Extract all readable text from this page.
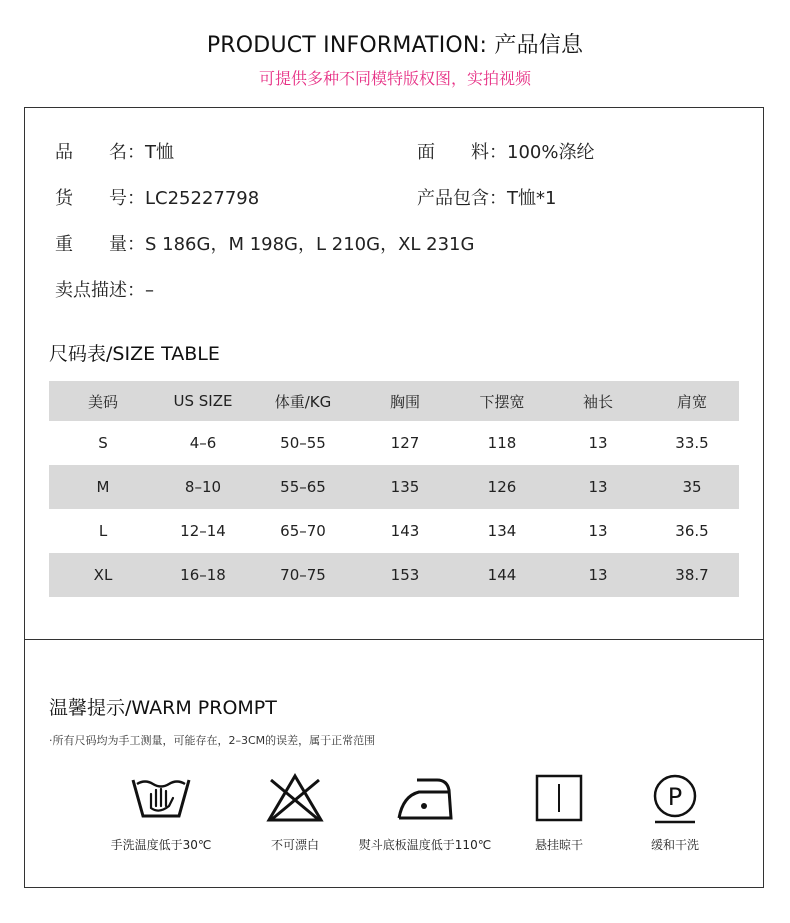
PRODUCT INFORMATION: 产品信息
可提供多种不同模特版权图，实拍视频
品　　名：T恤	面　　料：100%涤纶
货　　号：LC25227798	产品包含：T恤*1
重　　量：S 186G，M 198G，L 210G，XL 231G
卖点描述：–
尺码表/SIZE TABLE
美码	US SIZE	体重/KG	胸围	下摆宽	袖长	肩宽
S	4–6	50–55	127	118	13	33.5
M	8–10	55–65	135	126	13	35
L	12–14	65–70	143	134	13	36.5
XL	16–18	70–75	153	144	13	38.7
温馨提示/WARM PROMPT
·所有尺码均为手工测量，可能存在，2–3CM的误差，属于正常范围
手洗温度低于30℃	不可漂白	熨斗底板温度低于110℃	悬挂晾干
P
缓和干洗
